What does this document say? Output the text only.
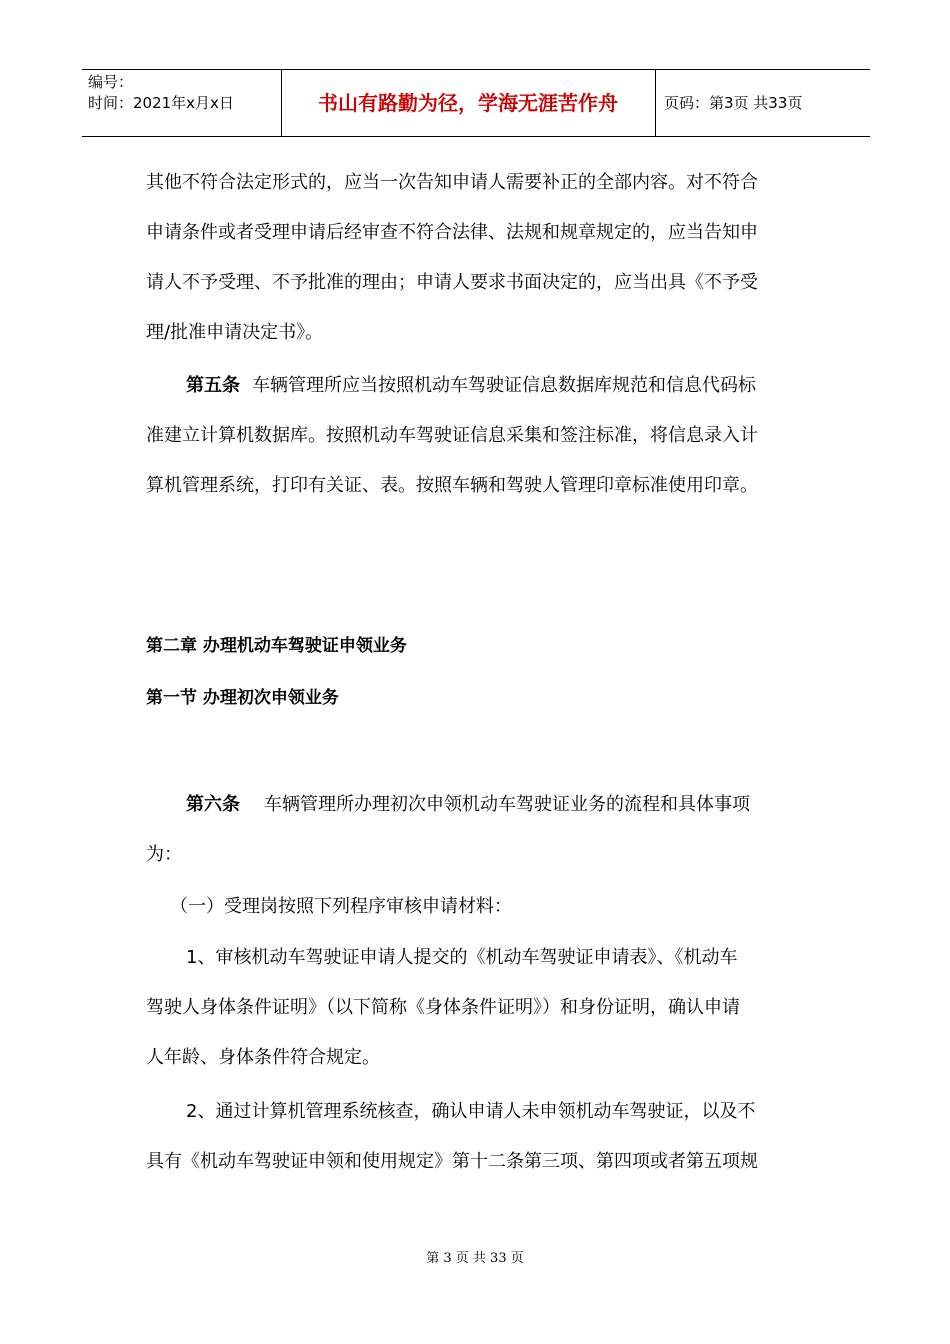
编号：
时间：2021年x月x日	书山有路勤为径，学海无涯苦作舟	页码：第3页 共33页
其他不符合法定形式的，应当一次告知申请人需要补正的全部内容。对不符合
申请条件或者受理申请后经审查不符合法律、法规和规章规定的，应当告知申
请人不予受理、不予批准的理由；申请人要求书面决定的，应当出具《不予受
理/批准申请决定书》。
第五条 车辆管理所应当按照机动车驾驶证信息数据库规范和信息代码标
准建立计算机数据库。按照机动车驾驶证信息采集和签注标准，将信息录入计
算机管理系统，打印有关证、表。按照车辆和驾驶人管理印章标准使用印章。
第二章 办理机动车驾驶证申领业务
第一节 办理初次申领业务
第六条 车辆管理所办理初次申领机动车驾驶证业务的流程和具体事项
为：
（一）受理岗按照下列程序审核申请材料：
1、审核机动车驾驶证申请人提交的《机动车驾驶证申请表》、《机动车
驾驶人身体条件证明》（以下简称《身体条件证明》）和身份证明，确认申请
人年龄、身体条件符合规定。
2、通过计算机管理系统核查，确认申请人未申领机动车驾驶证，以及不
具有《机动车驾驶证申领和使用规定》第十二条第三项、第四项或者第五项规
第 3 页 共 33 页
